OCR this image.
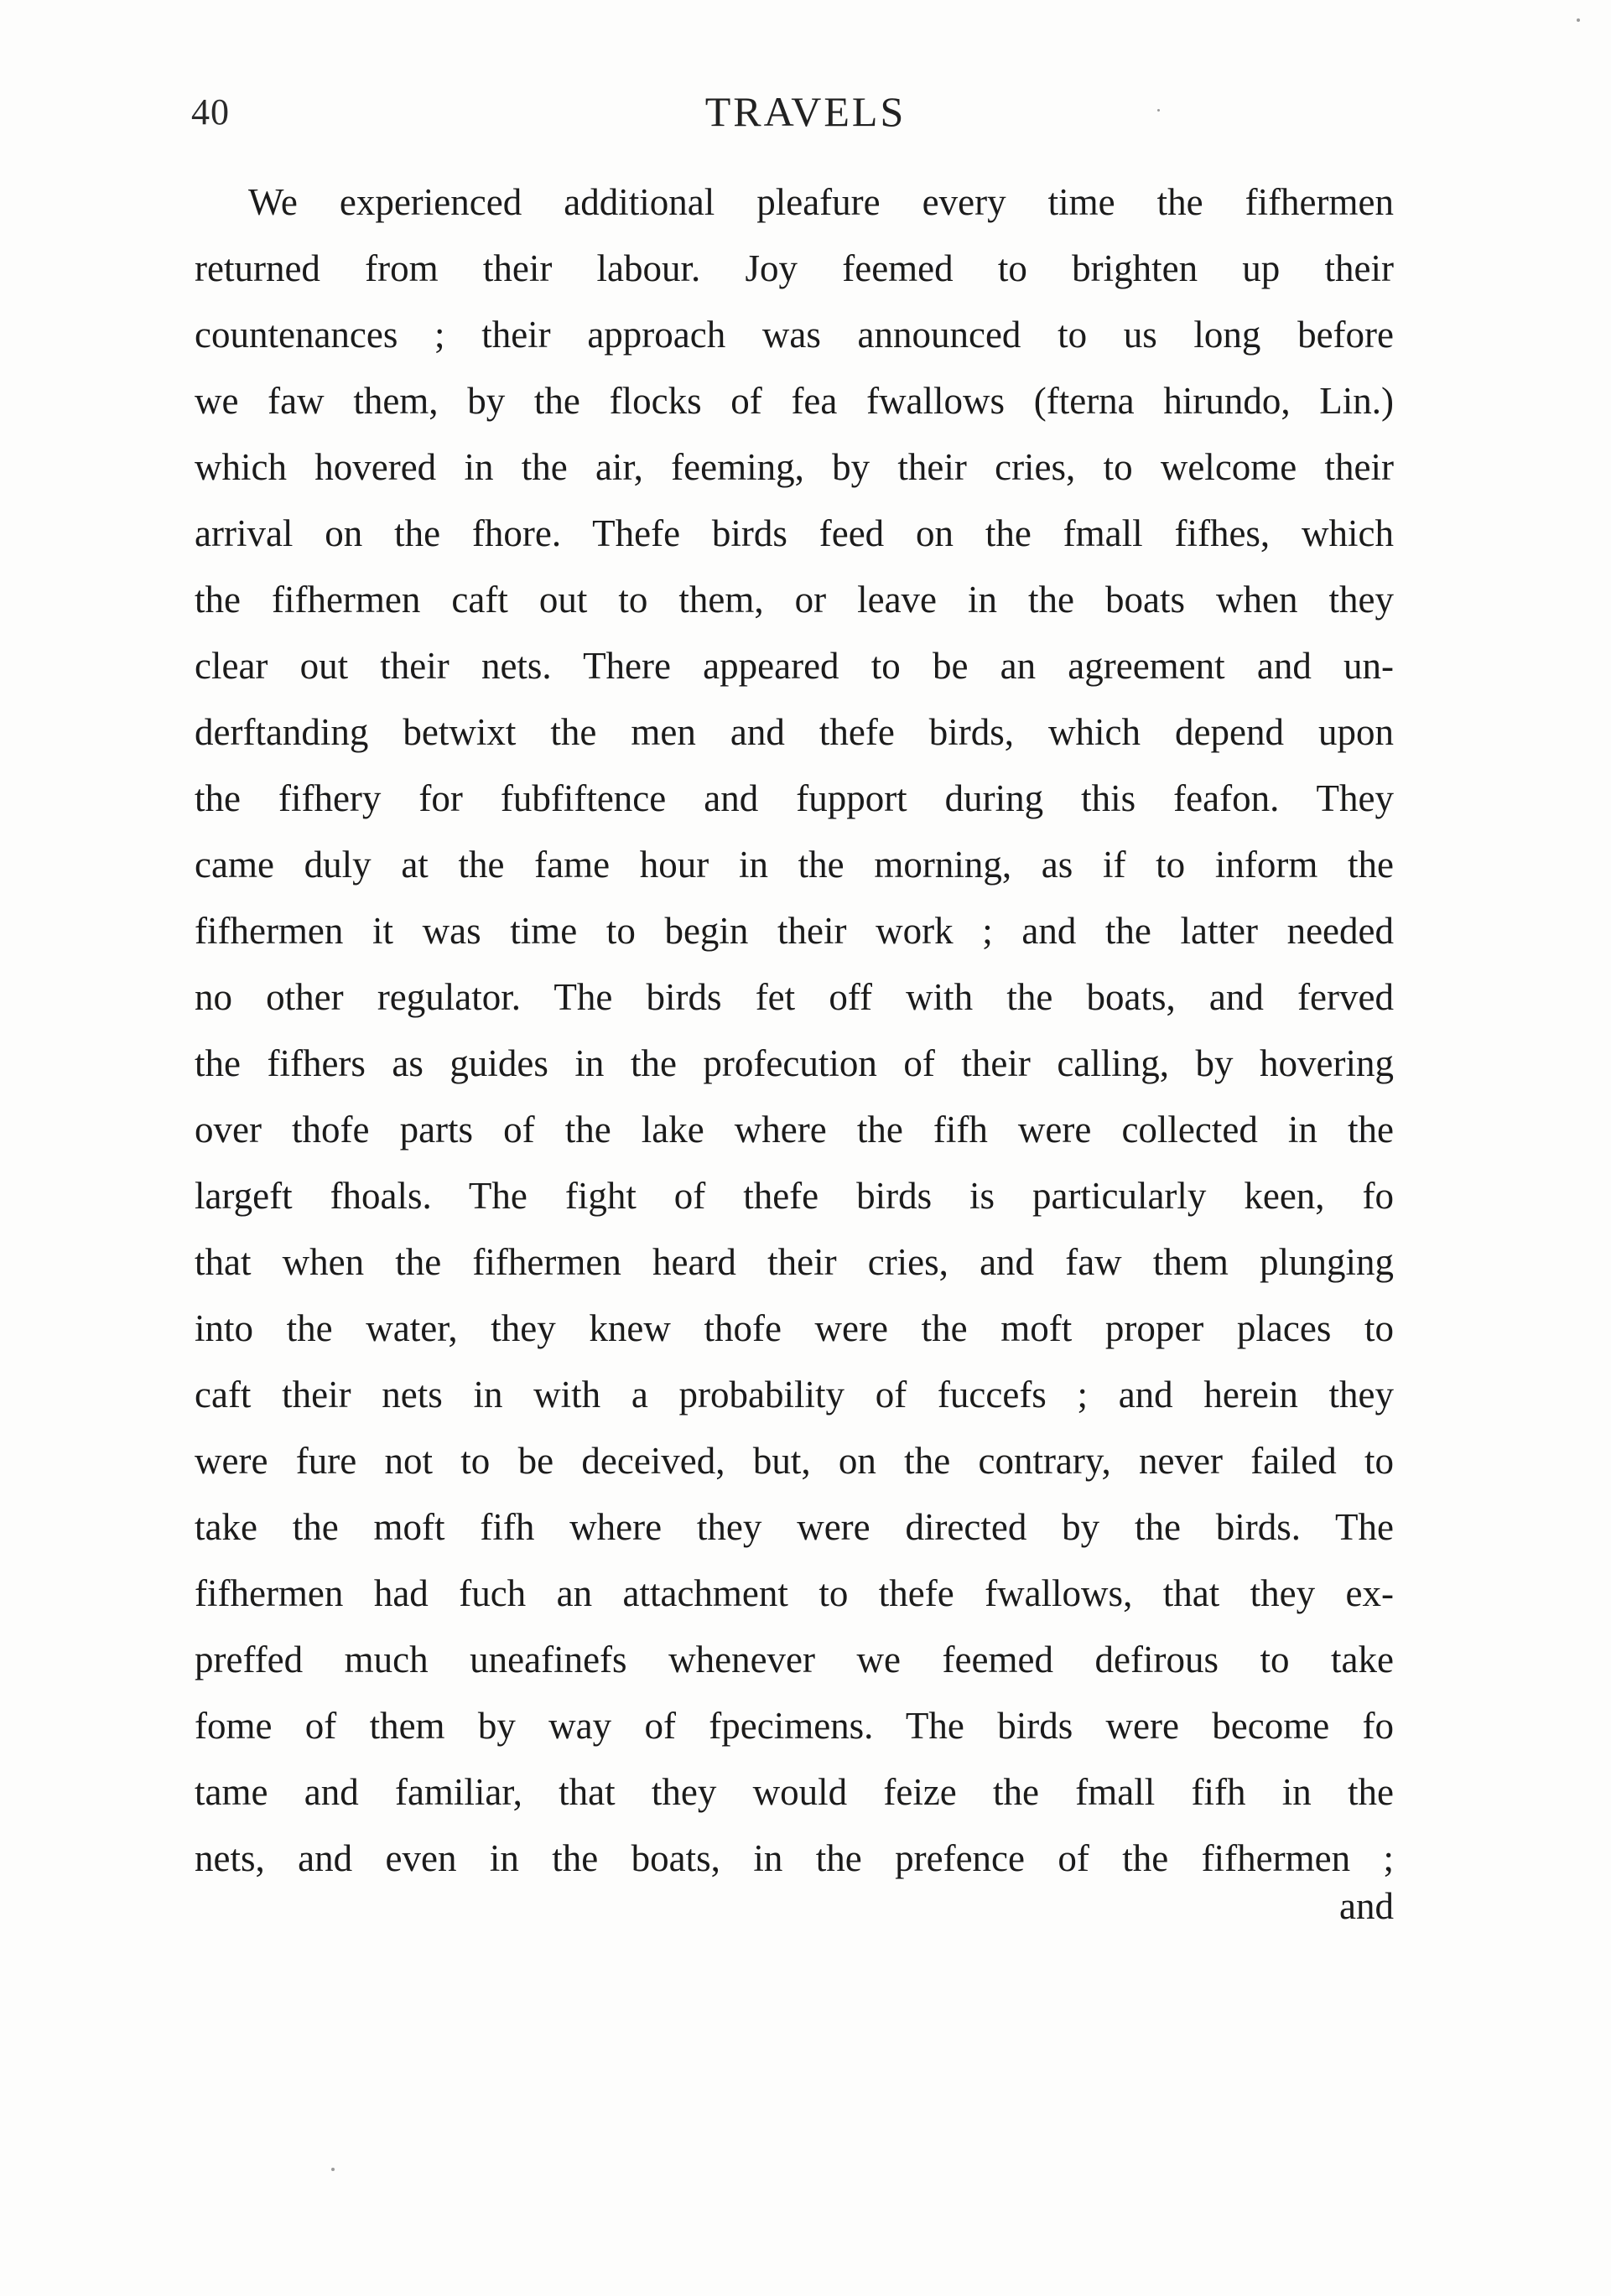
40	TRAVELS
We experienced additional pleafure every time the fifhermen
returned from their labour. Joy feemed to brighten up their
countenances ; their approach was announced to us long before
we faw them, by the flocks of fea fwallows (fterna hirundo, Lin.)
which hovered in the air, feeming, by their cries, to welcome their
arrival on the fhore. Thefe birds feed on the fmall fifhes, which
the fifhermen caft out to them, or leave in the boats when they
clear out their nets. There appeared to be an agreement and un-
derftanding betwixt the men and thefe birds, which depend upon
the fifhery for fubfiftence and fupport during this feafon. They
came duly at the fame hour in the morning, as if to inform the
fifhermen it was time to begin their work ; and the latter needed
no other regulator. The birds fet off with the boats, and ferved
the fifhers as guides in the profecution of their calling, by hovering
over thofe parts of the lake where the fifh were collected in the
largeft fhoals. The fight of thefe birds is particularly keen, fo
that when the fifhermen heard their cries, and faw them plunging
into the water, they knew thofe were the moft proper places to
caft their nets in with a probability of fuccefs ; and herein they
were fure not to be deceived, but, on the contrary, never failed to
take the moft fifh where they were directed by the birds. The
fifhermen had fuch an attachment to thefe fwallows, that they ex-
preffed much uneafinefs whenever we feemed defirous to take
fome of them by way of fpecimens. The birds were become fo
tame and familiar, that they would feize the fmall fifh in the
nets, and even in the boats, in the prefence of the fifhermen ;
and
